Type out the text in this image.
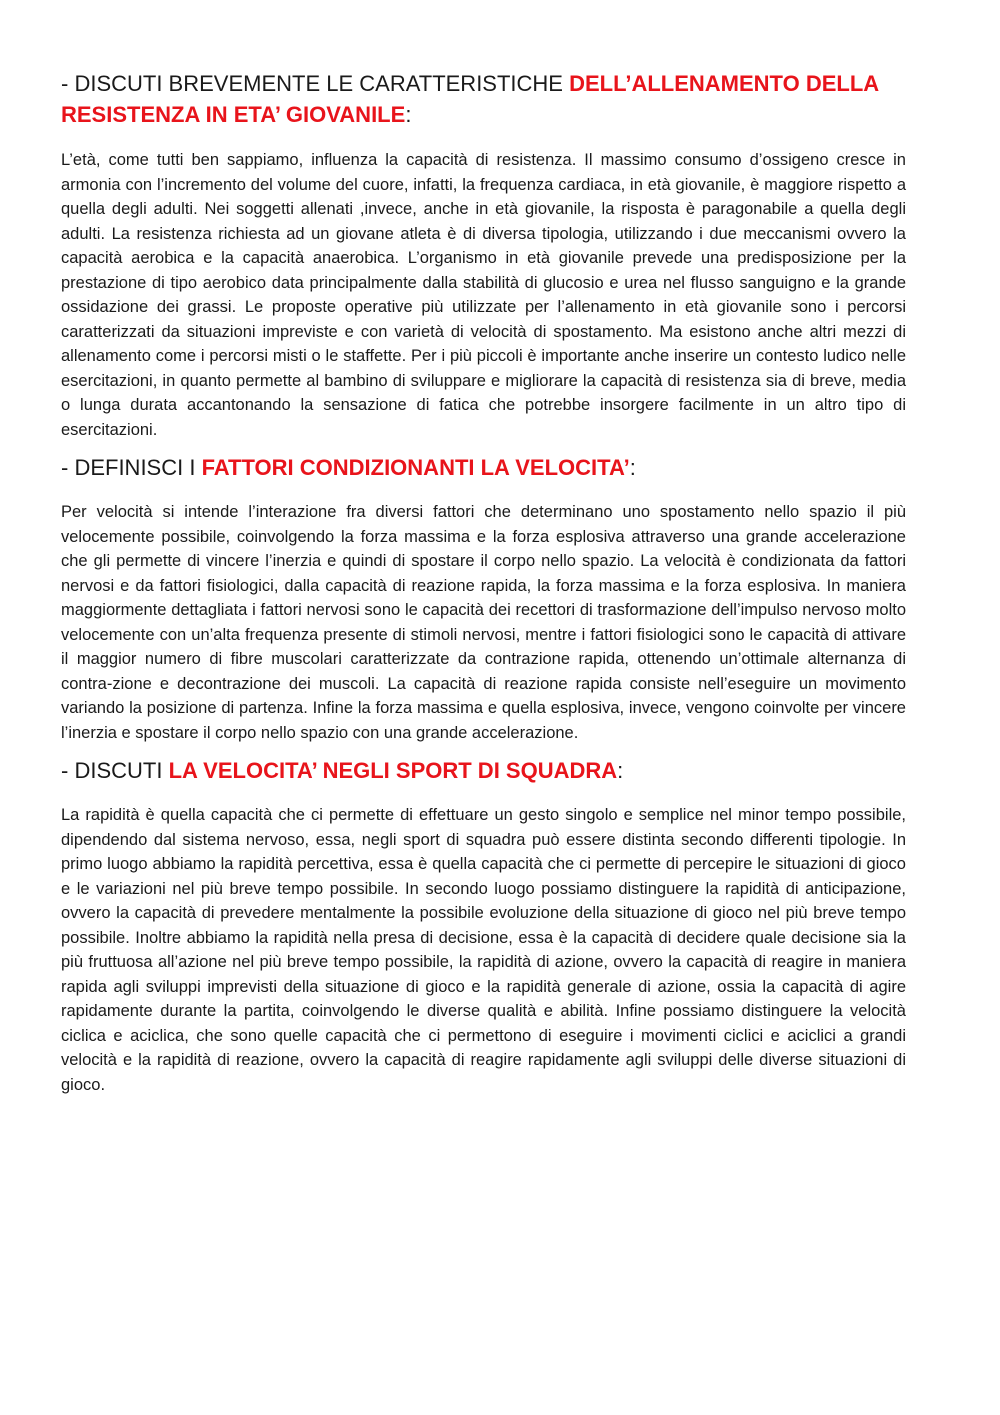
- DISCUTI BREVEMENTE LE CARATTERISTICHE DELL’ALLENAMENTO DELLA RESISTENZA IN ETA’ GIOVANILE:

L’età, come tutti ben sappiamo, influenza la capacità di resistenza. Il massimo consumo d’ossigeno cresce in armonia con l’incremento del volume del cuore, infatti, la frequenza cardiaca, in età giovanile, è maggiore rispetto a quella degli adulti. Nei soggetti allenati ,invece, anche in età giovanile, la risposta è paragonabile a quella degli adulti. La resistenza richiesta ad un giovane atleta è di diversa tipologia, utilizzando i due meccanismi ovvero la capacità aerobica e la capacità anaerobica. L’organismo in età giovanile prevede una predisposizione per la prestazione di tipo aerobico data principalmente dalla stabilità di glucosio e urea nel flusso sanguigno e la grande ossidazione dei grassi. Le proposte operative più utilizzate per l’allenamento in età giovanile sono i percorsi caratterizzati da situazioni impreviste e con varietà di velocità di spostamento. Ma esistono anche altri mezzi di allenamento come i percorsi misti o le staffette. Per i più piccoli è importante anche inserire un contesto ludico nelle esercitazioni, in quanto permette al bambino di sviluppare e migliorare la capacità di resistenza sia di breve, media o lunga durata accantonando la sensazione di fatica che potrebbe insorgere facilmente in un altro tipo di esercitazioni.

- DEFINISCI I FATTORI CONDIZIONANTI LA VELOCITA’:

Per velocità si intende l’interazione fra diversi fattori che determinano uno spostamento nello spazio il più velocemente possibile, coinvolgendo la forza massima e la forza esplosiva attraverso una grande accelerazione che gli permette di vincere l’inerzia e quindi di spostare il corpo nello spazio. La velocità è condizionata da fattori nervosi e da fattori fisiologici, dalla capacità di reazione rapida, la forza massima e la forza esplosiva. In maniera maggiormente dettagliata i fattori nervosi sono le capacità dei recettori di trasformazione dell’impulso nervoso molto velocemente con un’alta frequenza presente di stimoli nervosi, mentre i fattori fisiologici sono le capacità di attivare il maggior numero di fibre muscolari caratterizzate da contrazione rapida, ottenendo un’ottimale alternanza di contra-zione e decontrazione dei muscoli. La capacità di reazione rapida consiste nell’eseguire un movimento variando la posizione di partenza. Infine la forza massima e quella esplosiva, invece, vengono coinvolte per vincere l’inerzia e spostare il corpo nello spazio con una grande accelerazione.

- DISCUTI LA VELOCITA’ NEGLI SPORT DI SQUADRA:

La rapidità è quella capacità che ci permette di effettuare un gesto singolo e semplice nel minor tempo possibile, dipendendo dal sistema nervoso, essa, negli sport di squadra può essere distinta secondo differenti tipologie. In primo luogo abbiamo la rapidità percettiva, essa è quella capacità che ci permette di percepire le situazioni di gioco e le variazioni nel più breve tempo possibile. In secondo luogo possiamo distinguere la rapidità di anticipazione, ovvero la capacità di prevedere mentalmente la possibile evoluzione della situazione di gioco nel più breve tempo possibile. Inoltre abbiamo la rapidità nella presa di decisione, essa è la capacità di decidere quale decisione sia la più fruttuosa all’azione nel più breve tempo possibile, la rapidità di azione, ovvero la capacità di reagire in maniera rapida agli sviluppi imprevisti della situazione di gioco e la rapidità generale di azione, ossia la capacità di agire rapidamente durante la partita, coinvolgendo le diverse qualità e abilità. Infine possiamo distinguere la velocità ciclica e aciclica, che sono quelle capacità che ci permettono di eseguire i movimenti ciclici e aciclici a grandi velocità e la rapidità di reazione, ovvero la capacità di reagire rapidamente agli sviluppi delle diverse situazioni di gioco.
